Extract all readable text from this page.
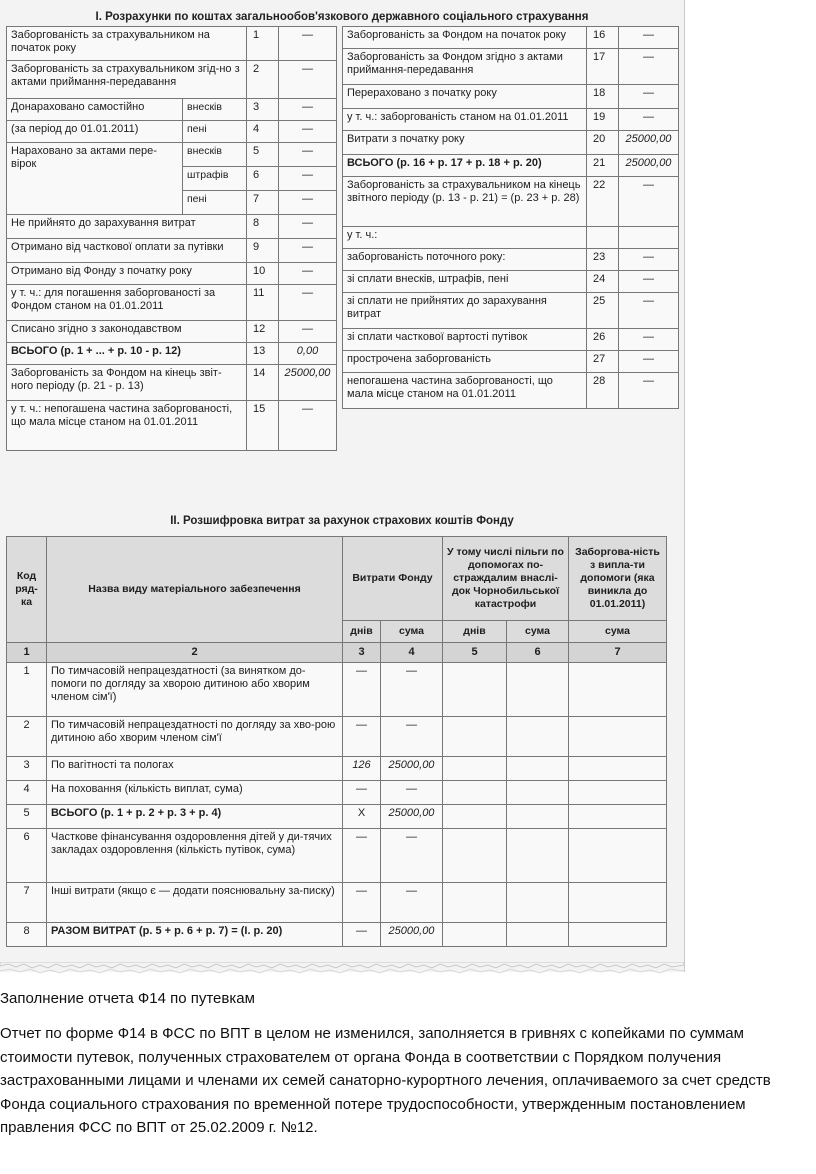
І. Розрахунки по коштах загальнообов'язкового державного соціального страхування
Заборгованість за страхувальником на початок року		1	—
Заборгованість за страхувальником згід-но з актами приймання-передавання		2	—
Донараховано самостійно	внесків	3	—
(за період до 01.01.2011)	пені	4	—
Нараховано за актами пере-вірок	внесків	5	—
	штрафів	6	—
	пені	7	—
Не прийнято до зарахування витрат		8	—
Отримано від часткової оплати за путівки		9	—
Отримано від Фонду з початку року		10	—
у т. ч.: для погашення заборгованості за Фондом станом на 01.01.2011		11	—
Списано згідно з законодавством		12	—
ВСЬОГО (р. 1 + ... + р. 10 - р. 12)		13	0,00
Заборгованість за Фондом на кінець звіт-ного періоду (р. 21 - р. 13)		14	25000,00
у т. ч.: непогашена частина заборгованості, що мала місце станом на 01.01.2011		15	—
Заборгованість за Фондом на початок року	16	—
Заборгованість за Фондом згідно з актами приймання-передавання	17	—
Перераховано з початку року	18	—
у т. ч.: заборгованість станом на 01.01.2011	19	—
Витрати з початку року	20	25000,00
ВСЬОГО (р. 16 + р. 17 + р. 18 + р. 20)	21	25000,00
Заборгованість за страхувальником на кінець звітного періоду (р. 13 - р. 21) = (р. 23 + р. 28)	22	—
у т. ч.:		
заборгованість поточного року:	23	—
зі сплати внесків, штрафів, пені	24	—
зі сплати не прийнятих до зарахування витрат	25	—
зі сплати часткової вартості путівок	26	—
прострочена заборгованість	27	—
непогашена частина заборгованості, що мала місце станом на 01.01.2011	28	—
ІІ. Розшифровка витрат за рахунок страхових коштів Фонду
Код ряд-ка	Назва виду матеріального забезпечення	Витрати Фонду		У тому числі пільги по допомогах по-страждалим внаслі-док Чорнобильської катастрофи		Заборгова-ність з випла-ти допомоги (яка виникла до 01.01.2011)
		днів	сума	днів	сума	сума
1	2	3	4	5	6	7
1	По тимчасовій непрацездатності (за винятком до-помоги по догляду за хворою дитиною або хворим членом сім'ї)	—	—			
2	По тимчасовій непрацездатності по догляду за хво-рою дитиною або хворим членом сім'ї	—	—			
3	По вагітності та пологах	126	25000,00			
4	На поховання (кількість виплат, сума)	—	—			
5	ВСЬОГО (р. 1 + р. 2 + р. 3 + р. 4)	Х	25000,00			
6	Часткове фінансування оздоровлення дітей у ди-тячих закладах оздоровлення (кількість путівок, сума)	—	—			
7	Інші витрати (якщо є — додати пояснювальну за-писку)	—	—			
8	РАЗОМ ВИТРАТ (р. 5 + р. 6 + р. 7) = (І. р. 20)	—	25000,00			
Заполнение отчета Ф14 по путевкам
Отчет по форме Ф14 в ФСС по ВПТ в целом не изменился, заполняется в гривнях с копейками по суммам стоимости путевок, полученных страхователем от органа Фонда в соответствии с Порядком получения застрахованными лицами и членами их семей санаторно-курортного лечения, оплачиваемого за счет средств Фонда социального страхования по временной потере трудоспособности, утвержденным постановлением правления ФСС по ВПТ от 25.02.2009 г. №12.
